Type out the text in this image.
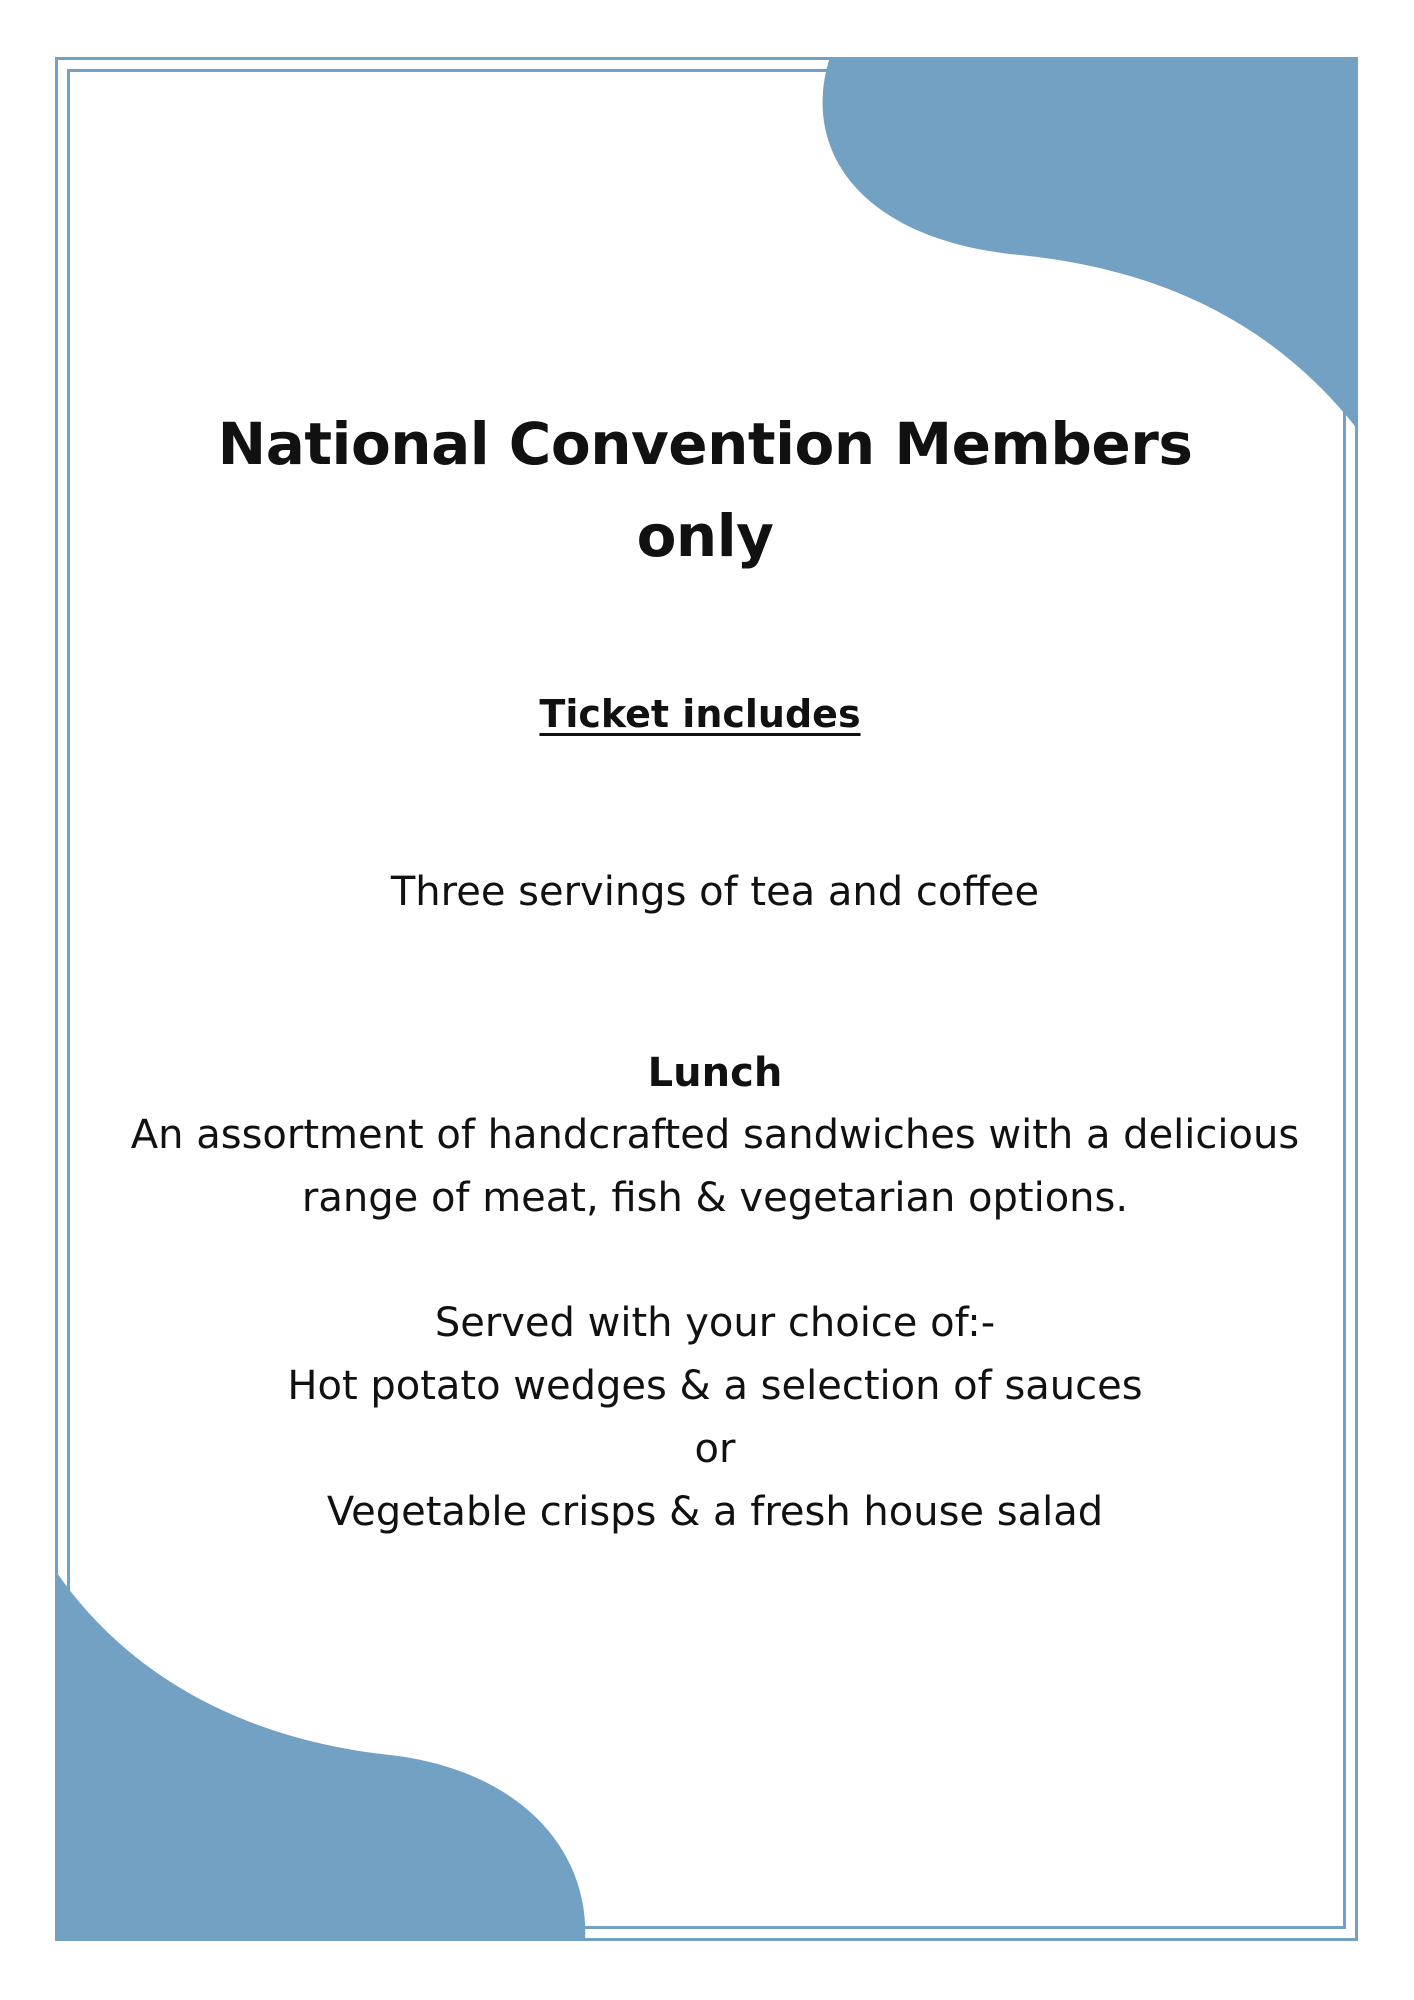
National Convention Members only
Ticket includes
Three servings of tea and coffee
Lunch
An assortment of handcrafted sandwiches with a delicious range of meat, fish & vegetarian options.
Served with your choice of:-
Hot potato wedges & a selection of sauces
or
Vegetable crisps & a fresh house salad
